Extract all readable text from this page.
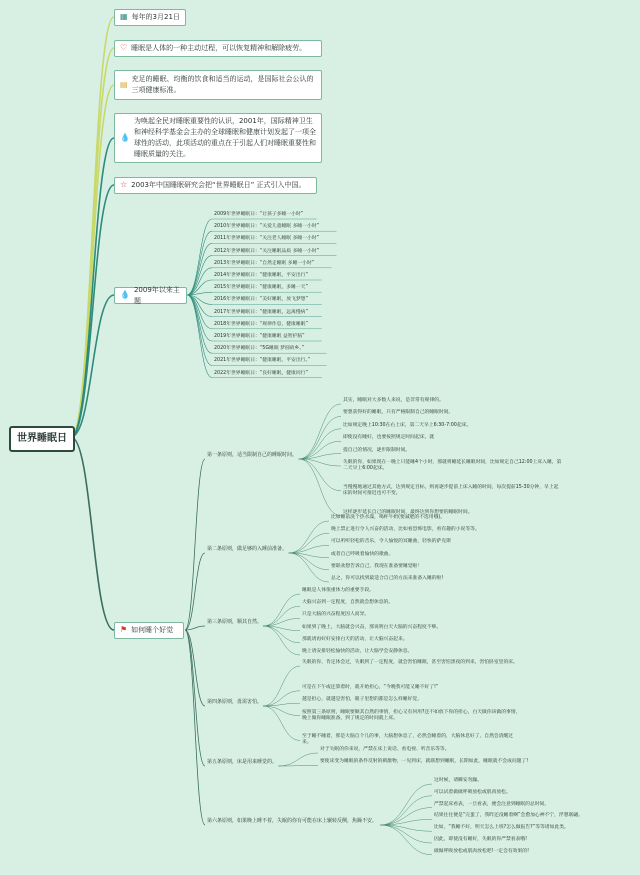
世界睡眠日
▦ 每年的3月21日
♡ 睡眠是人体的一种主动过程，可以恢复精神和解除疲劳。
▤
充足的睡眠、均衡的饮食和适当的运动，是国际社会公认的三项健康标准。
💧
为唤起全民对睡眠重要性的认识，2001年，国际精神卫生和神经科学基金会主办的全球睡眠和健康计划发起了一项全球性的活动，此项活动的重点在于引起人们对睡眠重要性和睡眠质量的关注。
☆ 2003年中国睡眠研究会把“世界睡眠日” 正式引入中国。
💧
2009年以来主题
⚑ 如何睡个好觉
2009年世界睡眠日：“让孩子多睡一小时”
2010年世界睡眠日：“关爱儿童睡眠 多睡一小时”
2011年世界睡眠日：“关注老人睡眠 多睡一小时”
2012年世界睡眠日：“关注睡眠品质 多睡一小时”
2013年世界睡眠日：“自然走睡眠 多睡一小时”
2014年世界睡眠日：“健康睡眠，平安出行”
2015年世界睡眠日：“健康睡眠，多睡一天”
2016年世界睡眠日：“美好睡眠，放飞梦想”
2017年世界睡眠日：“健康睡眠，远离慢病”
2018年世界睡眠日：“规律作息，健康睡眠”
2019年世界睡眠日：“健康睡眠 益智护脑”
2020年世界睡眠日：“5G睡眠 梦圆故乡。”
2021年世界睡眠日：“健康睡眠，平安出行。”
2022年世界睡眠日：“良好睡眠，健康同行”
第一条原则，适当限制自己的睡眠时间。
其实，睡眠对大多数人来说，是非常有规律的。
要想获得好的睡眠，只有严格限制自己的睡眠时间。
比如规定晚上10:30在右上床，第二天早上6:30-7:00起床。
即使没有睡好，也要按照规定时间起床，就
提自己的情况，逐步限制时间。
失眠的你，如果现在一晚上只能睡4个小时，那就将睡延长睡眠时间，比如规定自己12:00上床入睡，第二天早上6:00起床。
当慢慢地通过其他方式，达到规定目标，则再逐步提前上床入睡的时间，每次提前15-30分钟，早上起床的时间可推迟也可不变。
这样逐步延长自己的睡眠时间，最终达到你想要的睡眠时间。
第二条原则，做足够的入睡前准备。
比如睡前洗个热水澡，喝杯牛奶(要减肥的不选用哦)。
晚上禁止进行令人兴奋的活动，比如看恐怖电影，看有趣的小说等等。
可以听听轻松的音乐，令人愉悦的冥睡曲，轻快的萨克斯
或者自己呼吸着愉快的歌曲。
要联欢想告诉自己，我现在准备要睡觉啦！
总之，你可以找到最适合自己的方法来准备入睡的啦!
第三条原则，顺其自然。
睡眠是人体很重体力的重要手段。
大脑兴奋到一定程度，自然就会想休息的。
只是大脑的兴奋程度因人而异。
如果到了晚上，大脑就会兴奋，那说明白天大脑的兴奋程度不够。
那就请再好好安排白天的活动，让大脑兴奋起来。
晚上请安排轻松愉快的活动，让大脑学会安静休息。
第四条原则，毋需害怕。
失眠的你，肯定体会过，失眠到了一定程度，就会害怕睡眠，甚至害怕黑夜的到来，害怕卧室里的床。
可是在下午或还算着时，就开始担心，“今晚我可能又睡不好了!”
越是担心，就越是害怕，眼子里想的都是怎么样睡好觉。
按照第三条原则，睡眠要顺其自然的事情，担心又有何用?还不如放下你的担心，白天做你该做的事情，晚上做你睡眠准备，到了规定的时间就上床。
至于睡不睡着，那是大脑自个儿的事，大脑想休息了，必然会睡着的，大脑休息好了，自然会清醒过来。
第五条原则，床是用来睡觉的。
对于失眠的你来说，严禁在床上说话、看电视、听音乐等等。
要使床变为睡眠的条件反射的刺激物，一见到床，就联想到睡眠，长期如此，睡眠就不会成问题了!
第六条原则，如果晚上睡不着，失眠的你有可能在床上辗转反侧，焦躁不安。
这时候，请瞬安勿躁。
可以试着做做呼吸放松或肌肉放松。
严禁起床看表，一旦看表，便会注意到睡眠的总时间。
结果往往便是“完蛋了，我昨还没睡着啊”会愈加心神不宁，浮想联翩。
比如，“我睡不好，明天怎么上班?怎么做报告?”等等诸如此类。
因此，即使没有睡好，失眠的你严禁看表哦!
做做呼吸放松或肌肉放松吧!一定会有效果的!
